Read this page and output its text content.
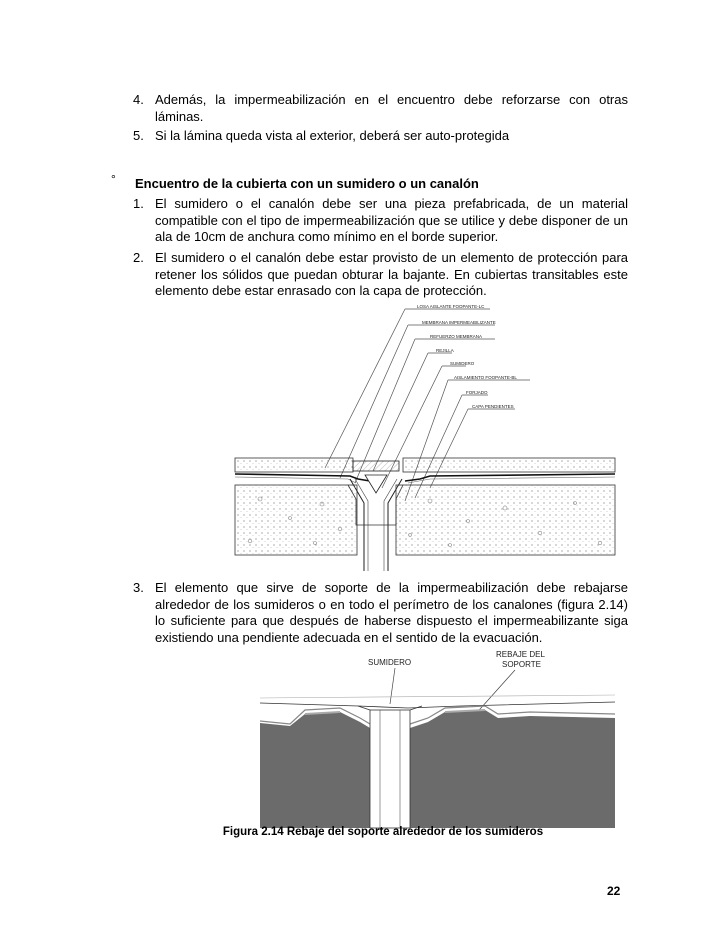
4. Además, la impermeabilización en el encuentro debe reforzarse con otras láminas.
5. Si la lámina queda vista al exterior, deberá ser auto-protegida
° Encuentro de la cubierta con un sumidero o un canalón
1. El sumidero o el canalón debe ser una pieza prefabricada, de un material compatible con el tipo de impermeabilización que se utilice y debe disponer de un ala de 10cm de anchura como mínimo en el borde superior.
2. El sumidero o el canalón debe estar provisto de un elemento de protección para retener los sólidos que puedan obturar la bajante. En cubiertas transitables este elemento debe estar enrasado con la capa de protección.
LOSA AISLANTE FOOPANTE-LC
MEMBRANA IMPERMEABILIZANTE
REFUERZO MEMBRANA
REJILLA
SUMIDERO
AISLAMIENTO FOOPANTE-BL
FORJADO
CAPA PENDIENTES
3. El elemento que sirve de soporte de la impermeabilización debe rebajarse alrededor de los sumideros o en todo el perímetro de los canalones (figura 2.14) lo suficiente para que después de haberse dispuesto el impermeabilizante siga existiendo una pendiente adecuada en el sentido de la evacuación.
SUMIDERO
REBAJE DEL
SOPORTE
Figura 2.14 Rebaje del soporte alrededor de los sumideros
22
